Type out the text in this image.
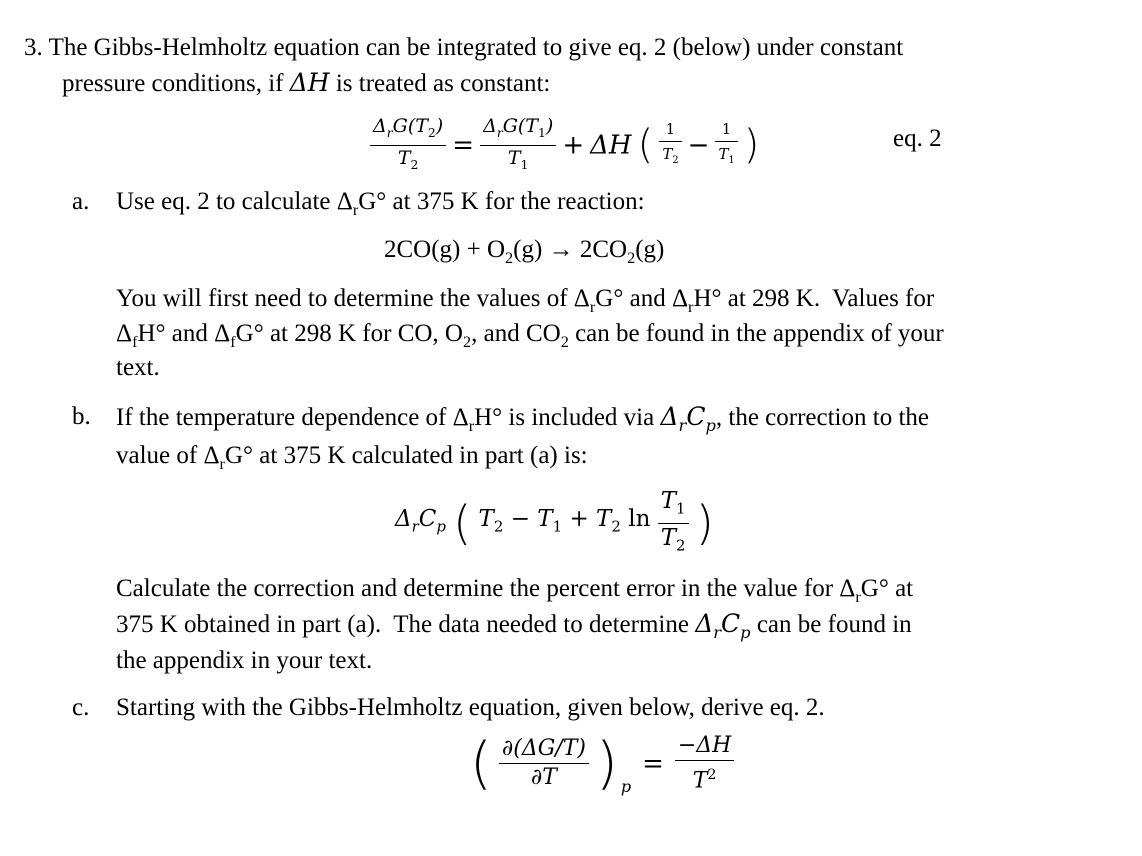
3. The Gibbs-Helmholtz equation can be integrated to give eq. 2 (below) under constant
pressure conditions, if ΔH is treated as constant:
$\frac{\Delta_rG(T_2)}{T_2} = \frac{\Delta_rG(T_1)}{T_1} + \Delta H$ ( $\frac{1}{T_2} - \frac{1}{T_1}$ )	eq. 2
a. Use eq. 2 to calculate $\Delta_rG^\circ$ at 375 K for the reaction:
$2CO(g) + O_2(g) \to 2CO_2(g)$
You will first need to determine the values of $\Delta_rG^\circ$ and $\Delta_rH^\circ$ at 298 K.  Values for
$\Delta_fH^\circ$ and $\Delta_fG^\circ$ at 298 K for CO, $O_2$, and $CO_2$ can be found in the appendix of your
text.
b. If the temperature dependence of $\Delta_rH^\circ$ is included via $\Delta_rC_p$, the correction to the
value of $\Delta_rG^\circ$ at 375 K calculated in part (a) is:
$\Delta_rC_p$ ( $T_2 - T_1 + T_2$ $\ln \frac{T_1}{T_2}$ )
Calculate the correction and determine the percent error in the value for $\Delta_rG^\circ$ at
375 K obtained in part (a).  The data needed to determine $\Delta_rC_p$ can be found in
the appendix in your text.
c. Starting with the Gibbs-Helmholtz equation, given below, derive eq. 2.
( $\frac{\partial(\Delta G/T)}{\partial T}$ ) $_p = \frac{-\Delta H}{T^2}$
